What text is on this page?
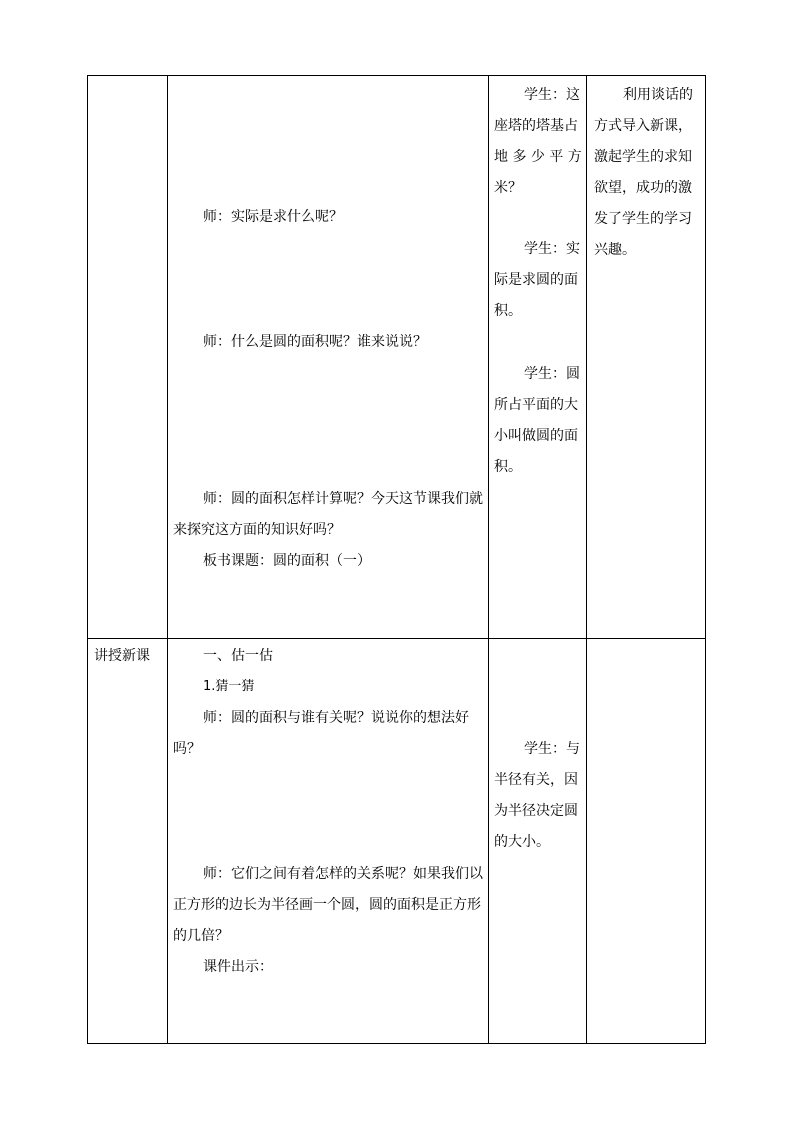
师：实际是求什么呢？
师：什么是圆的面积呢？谁来说说？
师：圆的面积怎样计算呢？今天这节课我们就
来探究这方面的知识好吗？
板书课题：圆的面积（一）
学生：这
座塔的塔基占
地 多 少 平 方
米？
学生：实
际是求圆的面
积。
学生：圆
所占平面的大
小叫做圆的面
积。
利用谈话的
方式导入新课，
激起学生的求知
欲望，成功的激
发了学生的学习
兴趣。
讲授新课	一、估一估
1.猜一猜
师：圆的面积与谁有关呢？说说你的想法好
吗？
师：它们之间有着怎样的关系呢？如果我们以
正方形的边长为半径画一个圆，圆的面积是正方形
的几倍？
课件出示：
学生：与
半径有关，因
为半径决定圆
的大小。
